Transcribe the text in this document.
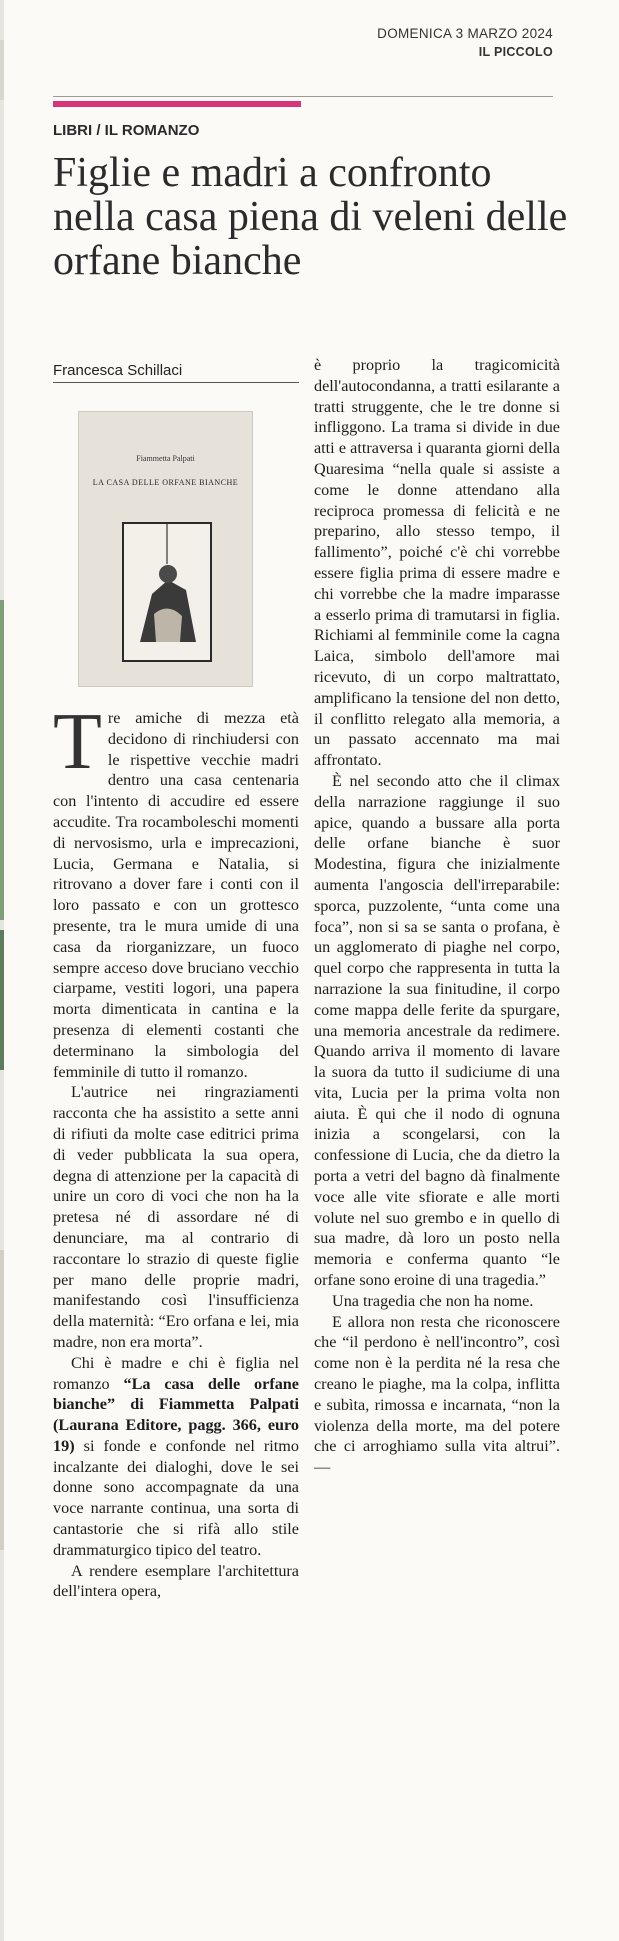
DOMENICA 3 MARZO 2024
IL PICCOLO
LIBRI / IL ROMANZO
Figlie e madri a confronto nella casa piena di veleni delle orfane bianche
Francesca Schillaci
Fiammetta Palpati
LA CASA DELLE ORFANE BIANCHE

Tre amiche di mezza età decidono di rinchiudersi con le rispettive vecchie madri dentro una casa centenaria con l'intento di accudire ed essere accudite. Tra rocamboleschi momenti di nervosismo, urla e imprecazioni, Lucia, Germana e Natalia, si ritrovano a dover fare i conti con il loro passato e con un grottesco presente, tra le mura umide di una casa da riorganizzare, un fuoco sempre acceso dove bruciano vecchio ciarpame, vestiti logori, una papera morta dimenticata in cantina e la presenza di elementi costanti che determinano la simbologia del femminile di tutto il romanzo.

L'autrice nei ringraziamenti racconta che ha assistito a sette anni di rifiuti da molte case editrici prima di veder pubblicata la sua opera, degna di attenzione per la capacità di unire un coro di voci che non ha la pretesa né di assordare né di denunciare, ma al contrario di raccontare lo strazio di queste figlie per mano delle proprie madri, manifestando così l'insufficienza della maternità: “Ero orfana e lei, mia madre, non era morta”.

Chi è madre e chi è figlia nel romanzo “La casa delle orfane bianche” di Fiammetta Palpati (Laurana Editore, pagg. 366, euro 19) si fonde e confonde nel ritmo incalzante dei dialoghi, dove le sei donne sono accompagnate da una voce narrante continua, una sorta di cantastorie che si rifà allo stile drammaturgico tipico del teatro.

A rendere esemplare l'architettura dell'intera opera,

è proprio la tragicomicità dell'autocondanna, a tratti esilarante a tratti struggente, che le tre donne si infliggono. La trama si divide in due atti e attraversa i quaranta giorni della Quaresima “nella quale si assiste a come le donne attendano alla reciproca promessa di felicità e ne preparino, allo stesso tempo, il fallimento”, poiché c'è chi vorrebbe essere figlia prima di essere madre e chi vorrebbe che la madre imparasse a esserlo prima di tramutarsi in figlia. Richiami al femminile come la cagna Laica, simbolo dell'amore mai ricevuto, di un corpo maltrattato, amplificano la tensione del non detto, il conflitto relegato alla memoria, a un passato accennato ma mai affrontato.

È nel secondo atto che il climax della narrazione raggiunge il suo apice, quando a bussare alla porta delle orfane bianche è suor Modestina, figura che inizialmente aumenta l'angoscia dell'irreparabile: sporca, puzzolente, “unta come una foca”, non si sa se santa o profana, è un agglomerato di piaghe nel corpo, quel corpo che rappresenta in tutta la narrazione la sua finitudine, il corpo come mappa delle ferite da spurgare, una memoria ancestrale da redimere. Quando arriva il momento di lavare la suora da tutto il sudiciume di una vita, Lucia per la prima volta non aiuta. È qui che il nodo di ognuna inizia a scongelarsi, con la confessione di Lucia, che da dietro la porta a vetri del bagno dà finalmente voce alle vite sfiorate e alle morti volute nel suo grembo e in quello di sua madre, dà loro un posto nella memoria e conferma quanto “le orfane sono eroine di una tragedia.”

Una tragedia che non ha nome.

E allora non resta che riconoscere che “il perdono è nell'incontro”, così come non è la perdita né la resa che creano le piaghe, ma la colpa, inflitta e subìta, rimossa e incarnata, “non la violenza della morte, ma del potere che ci arroghiamo sulla vita altrui”. —
